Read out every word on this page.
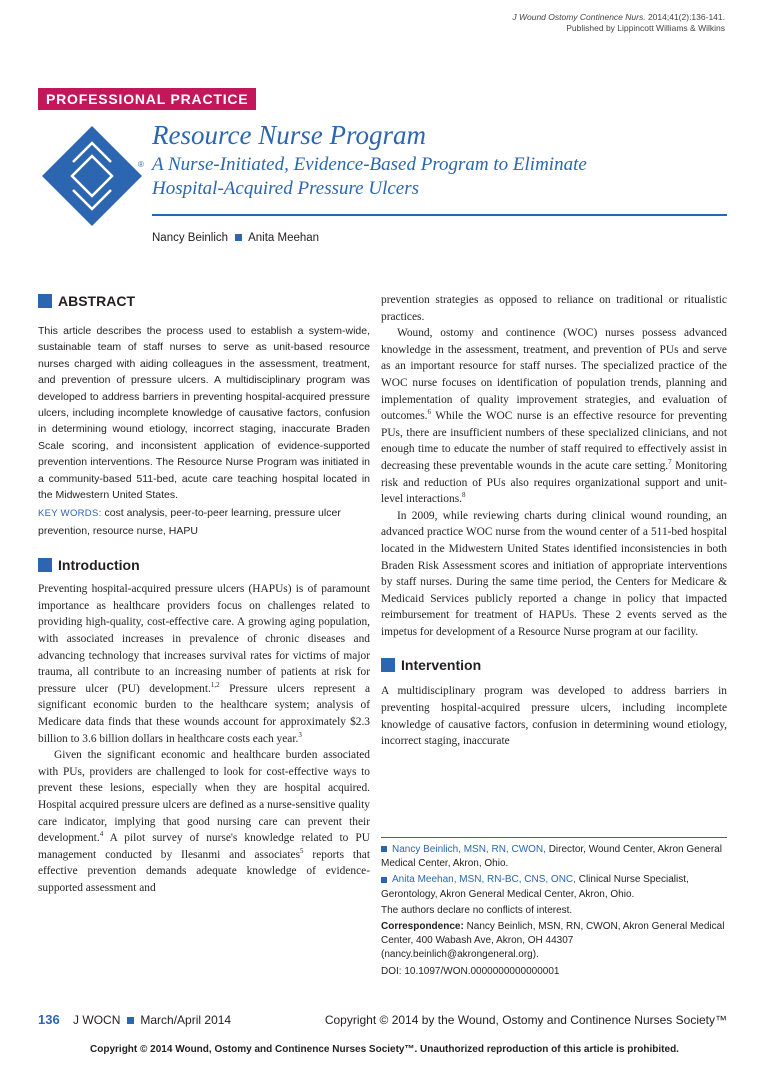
J Wound Ostomy Continence Nurs. 2014;41(2):136-141.
Published by Lippincott Williams & Wilkins
PROFESSIONAL PRACTICE
®
Resource Nurse Program
A Nurse-Initiated, Evidence-Based Program to Eliminate
Hospital-Acquired Pressure Ulcers
Nancy Beinlich Anita Meehan
ABSTRACT
This article describes the process used to establish a system-wide, sustainable team of staff nurses to serve as unit-based resource nurses charged with aiding colleagues in the assessment, treatment, and prevention of pressure ulcers. A multidisciplinary program was developed to address barriers in preventing hospital-acquired pressure ulcers, including incomplete knowledge of causative factors, confusion in determining wound etiology, incorrect staging, inaccurate Braden Scale scoring, and inconsistent application of evidence-supported prevention interventions. The Resource Nurse Program was initiated in a community-based 511-bed, acute care teaching hospital located in the Midwestern United States.
KEY WORDS: cost analysis, peer-to-peer learning, pressure ulcer prevention, resource nurse, HAPU
Introduction

Preventing hospital-acquired pressure ulcers (HAPUs) is of paramount importance as healthcare providers focus on challenges related to providing high-quality, cost-effective care. A growing aging population, with associated increases in prevalence of chronic diseases and advancing technology that increases survival rates for victims of major trauma, all contribute to an increasing number of patients at risk for pressure ulcer (PU) development.$^{1,2}$ Pressure ulcers represent a significant economic burden to the healthcare system; analysis of Medicare data finds that these wounds account for approximately $2.3 billion to 3.6 billion dollars in healthcare costs each year.$^3$

Given the significant economic and healthcare burden associated with PUs, providers are challenged to look for cost-effective ways to prevent these lesions, especially when they are hospital acquired. Hospital acquired pressure ulcers are defined as a nurse-sensitive quality care indicator, implying that good nursing care can prevent their development.$^4$ A pilot survey of nurse's knowledge related to PU management conducted by Ilesanmi and associates$^5$ reports that effective prevention demands adequate knowledge of evidence-supported assessment and

prevention strategies as opposed to reliance on traditional or ritualistic practices.

Wound, ostomy and continence (WOC) nurses possess advanced knowledge in the assessment, treatment, and prevention of PUs and serve as an important resource for staff nurses. The specialized practice of the WOC nurse focuses on identification of population trends, planning and implementation of quality improvement strategies, and evaluation of outcomes.$^6$ While the WOC nurse is an effective resource for preventing PUs, there are insufficient numbers of these specialized clinicians, and not enough time to educate the number of staff required to effectively assist in decreasing these preventable wounds in the acute care setting.$^7$ Monitoring risk and reduction of PUs also requires organizational support and unit-level interactions.$^8$

In 2009, while reviewing charts during clinical wound rounding, an advanced practice WOC nurse from the wound center of a 511-bed hospital located in the Midwestern United States identified inconsistencies in both Braden Risk Assessment scores and initiation of appropriate interventions by staff nurses. During the same time period, the Centers for Medicare & Medicaid Services publicly reported a change in policy that impacted reimbursement for treatment of HAPUs. These 2 events served as the impetus for development of a Resource Nurse program at our facility.

Intervention

A multidisciplinary program was developed to address barriers in preventing hospital-acquired pressure ulcers, including incomplete knowledge of causative factors, confusion in determining wound etiology, incorrect staging, inaccurate

Nancy Beinlich, MSN, RN, CWON, Director, Wound Center, Akron General Medical Center, Akron, Ohio.

Anita Meehan, MSN, RN-BC, CNS, ONC, Clinical Nurse Specialist, Gerontology, Akron General Medical Center, Akron, Ohio.

The authors declare no conflicts of interest.

Correspondence: Nancy Beinlich, MSN, RN, CWON, Akron General Medical Center, 400 Wabash Ave, Akron, OH 44307 (nancy.beinlich@akrongeneral.org).

DOI: 10.1097/WON.0000000000000001

136 J WOCN March/April 2014	Copyright © 2014 by the Wound, Ostomy and Continence Nurses Society™
Copyright © 2014 Wound, Ostomy and Continence Nurses Society™. Unauthorized reproduction of this article is prohibited.
